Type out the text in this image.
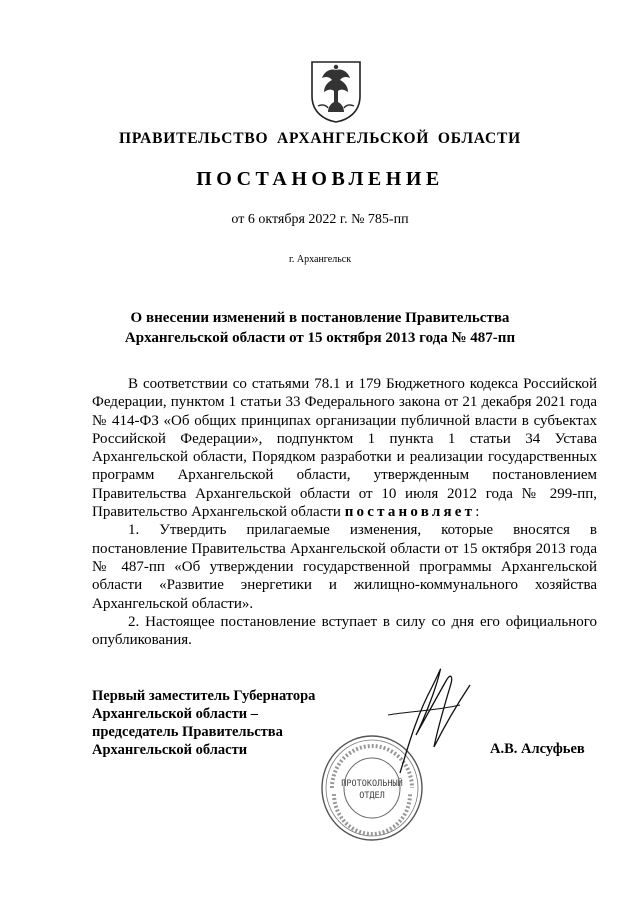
ПРАВИТЕЛЬСТВО АРХАНГЕЛЬСКОЙ ОБЛАСТИ
ПОСТАНОВЛЕНИЕ
от 6 октября 2022 г. № 785-пп
г. Архангельск
О внесении изменений в постановление Правительства
Архангельской области от 15 октября 2013 года № 487-пп

В соответствии со статьями 78.1 и 179 Бюджетного кодекса Российской Федерации, пунктом 1 статьи 33 Федерального закона от 21 декабря 2021 года № 414-ФЗ «Об общих принципах организации публичной власти в субъектах Российской Федерации», подпунктом 1 пункта 1 статьи 34 Устава Архангельской области, Порядком разработки и реализации государственных программ Архангельской области, утвержденным постановлением Правительства Архангельской области от 10 июля 2012 года № 299-пп, Правительство Архангельской области постановляет:

1. Утвердить прилагаемые изменения, которые вносятся в постановление Правительства Архангельской области от 15 октября 2013 года № 487-пп «Об утверждении государственной программы Архангельской области «Развитие энергетики и жилищно-коммунального хозяйства Архангельской области».

2. Настоящее постановление вступает в силу со дня его официального опубликования.

Первый заместитель Губернатора
Архангельской области –
председатель Правительства
Архангельской области
ПРОТОКОЛЬНЫЙ
ОТДЕЛ
А.В. Алсуфьев
